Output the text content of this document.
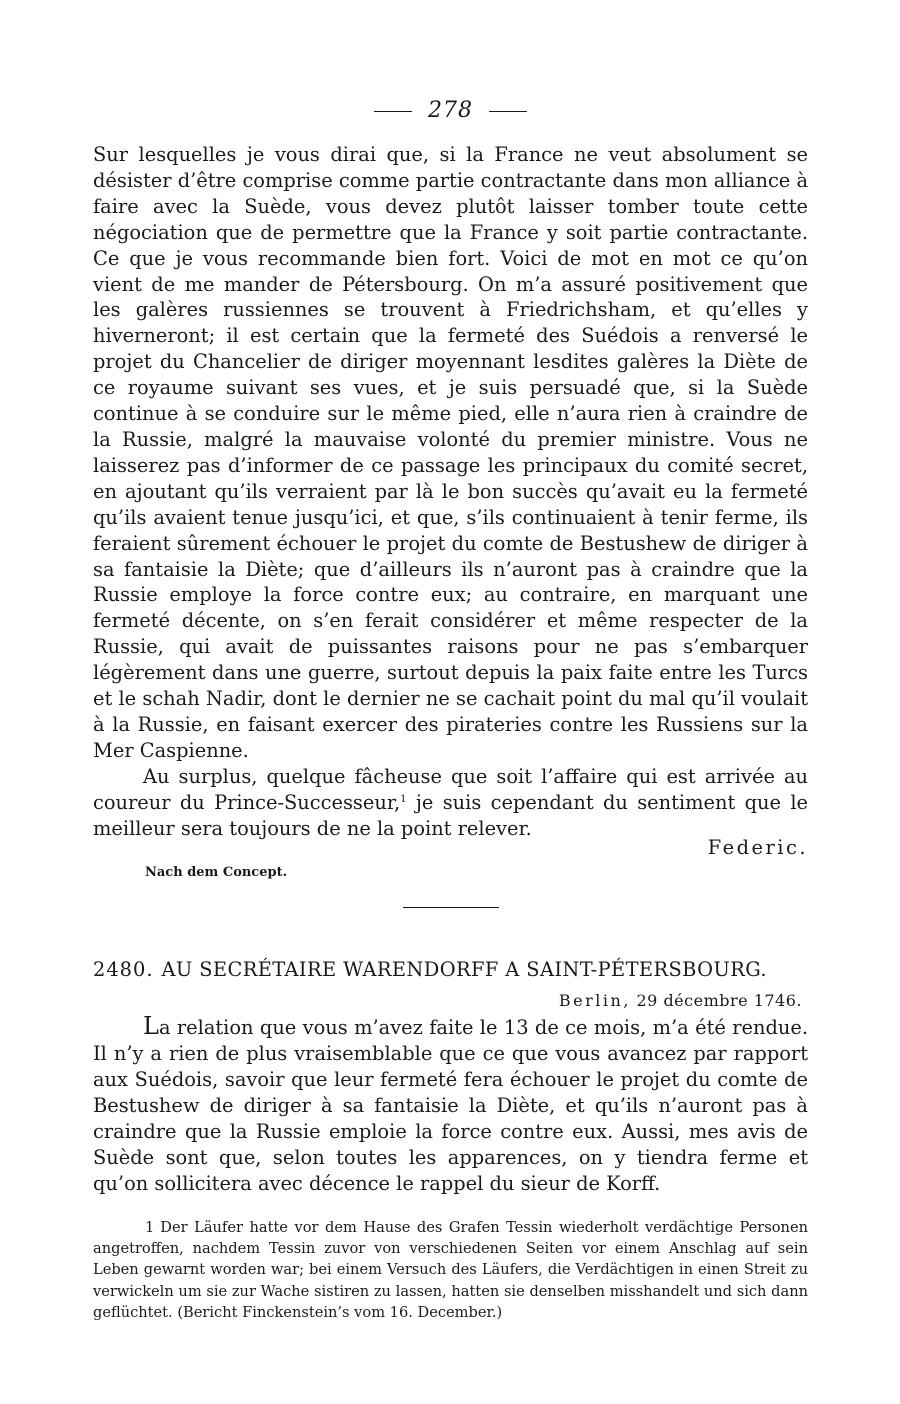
278

Sur lesquelles je vous dirai que, si la France ne veut absolument se désister d’être comprise comme partie contractante dans mon alliance à faire avec la Suède, vous devez plutôt laisser tomber toute cette négociation que de permettre que la France y soit partie contractante. Ce que je vous recommande bien fort. Voici de mot en mot ce qu’on vient de me mander de Pétersbourg. On m’a assuré positivement que les galères russiennes se trouvent à Friedrichsham, et qu’elles y hiverneront; il est certain que la fermeté des Suédois a renversé le projet du Chancelier de diriger moyennant lesdites galères la Diète de ce royaume suivant ses vues, et je suis persuadé que, si la Suède continue à se conduire sur le même pied, elle n’aura rien à craindre de la Russie, malgré la mauvaise volonté du premier ministre. Vous ne laisserez pas d’informer de ce passage les principaux du comité secret, en ajoutant qu’ils verraient par là le bon succès qu’avait eu la fermeté qu’ils avaient tenue jusqu’ici, et que, s’ils continuaient à tenir ferme, ils feraient sûrement échouer le projet du comte de Bestushew de diriger à sa fantaisie la Diète; que d’ailleurs ils n’auront pas à craindre que la Russie employe la force contre eux; au contraire, en marquant une fermeté décente, on s’en ferait considérer et même respecter de la Russie, qui avait de puissantes raisons pour ne pas s’embarquer légèrement dans une guerre, surtout depuis la paix faite entre les Turcs et le schah Nadir, dont le dernier ne se cachait point du mal qu’il voulait à la Russie, en faisant exercer des pirateries contre les Russiens sur la Mer Caspienne.

Au surplus, quelque fâcheuse que soit l’affaire qui est arrivée au coureur du Prince-Successeur,$^1$ je suis cependant du sentiment que le meilleur sera toujours de ne la point relever.

Federic.
Nach dem Concept.
2480. AU SECRÉTAIRE WARENDORFF A SAINT-PÉTERSBOURG.
Berlin, 29 décembre 1746.

La relation que vous m’avez faite le 13 de ce mois, m’a été rendue. Il n’y a rien de plus vraisemblable que ce que vous avancez par rapport aux Suédois, savoir que leur fermeté fera échouer le projet du comte de Bestushew de diriger à sa fantaisie la Diète, et qu’ils n’auront pas à craindre que la Russie emploie la force contre eux. Aussi, mes avis de Suède sont que, selon toutes les apparences, on y tiendra ferme et qu’on sollicitera avec décence le rappel du sieur de Korff.

1 Der Läufer hatte vor dem Hause des Grafen Tessin wiederholt verdächtige Personen angetroffen, nachdem Tessin zuvor von verschiedenen Seiten vor einem Anschlag auf sein Leben gewarnt worden war; bei einem Versuch des Läufers, die Verdächtigen in einen Streit zu verwickeln um sie zur Wache sistiren zu lassen, hatten sie denselben misshandelt und sich dann geflüchtet. (Bericht Finckenstein’s vom 16. December.)
